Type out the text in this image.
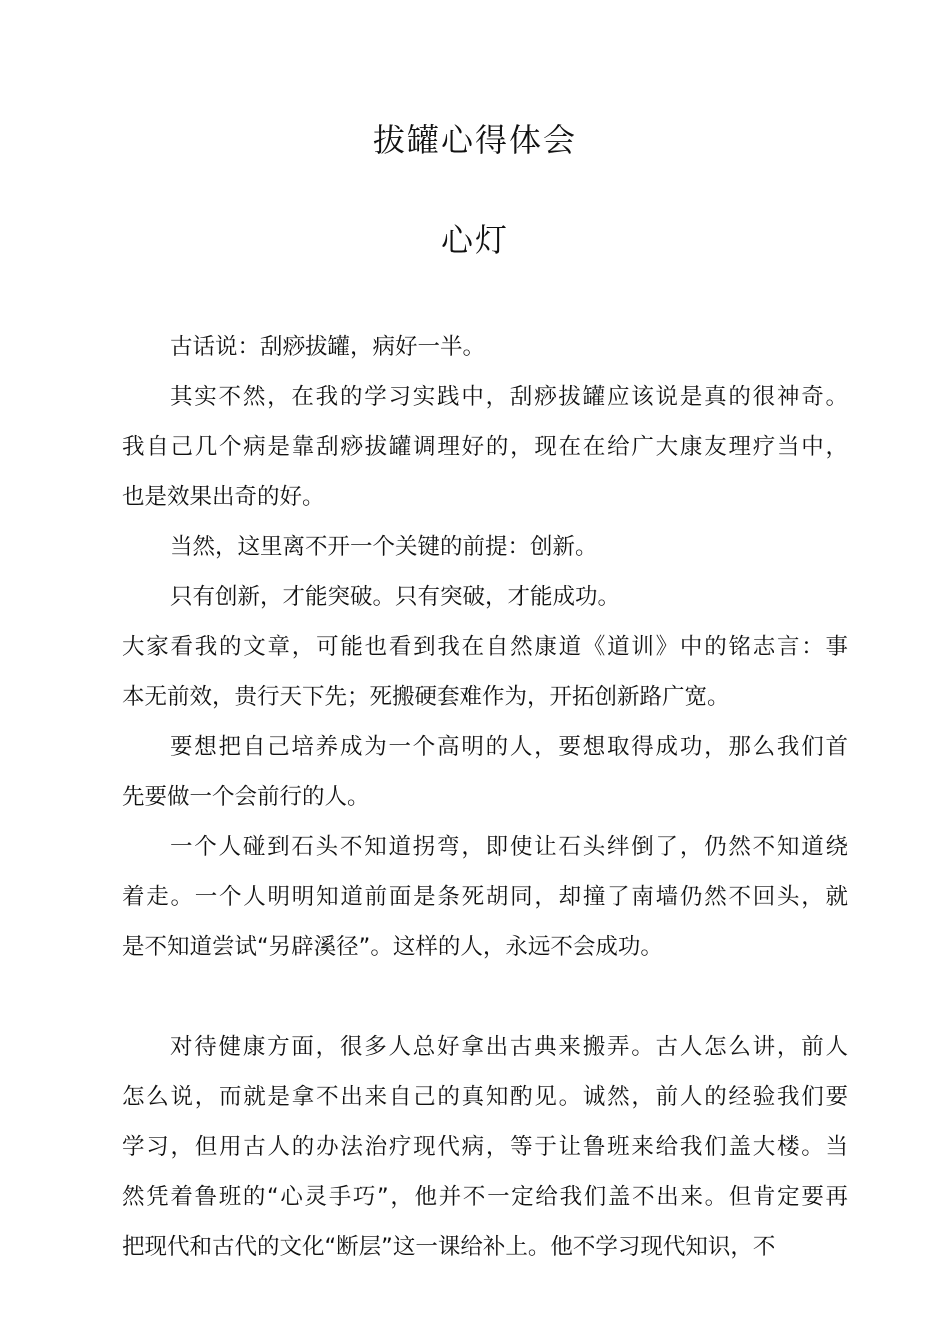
拔罐心得体会
心灯
古话说：刮痧拔罐，病好一半。
其实不然，在我的学习实践中，刮痧拔罐应该说是真的很神奇。
我自己几个病是靠刮痧拔罐调理好的，现在在给广大康友理疗当中，
也是效果出奇的好。
当然，这里离不开一个关键的前提：创新。
只有创新，才能突破。只有突破，才能成功。
大家看我的文章，可能也看到我在自然康道《道训》中的铭志言：事
本无前效，贵行天下先；死搬硬套难作为，开拓创新路广宽。
要想把自己培养成为一个高明的人，要想取得成功，那么我们首
先要做一个会前行的人。
一个人碰到石头不知道拐弯，即使让石头绊倒了，仍然不知道绕
着走。一个人明明知道前面是条死胡同，却撞了南墙仍然不回头，就
是不知道尝试“另辟溪径”。这样的人，永远不会成功。
对待健康方面，很多人总好拿出古典来搬弄。古人怎么讲，前人
怎么说，而就是拿不出来自己的真知酌见。诚然，前人的经验我们要
学习，但用古人的办法治疗现代病，等于让鲁班来给我们盖大楼。当
然凭着鲁班的“心灵手巧”，他并不一定给我们盖不出来。但肯定要再
把现代和古代的文化“断层”这一课给补上。他不学习现代知识，不
